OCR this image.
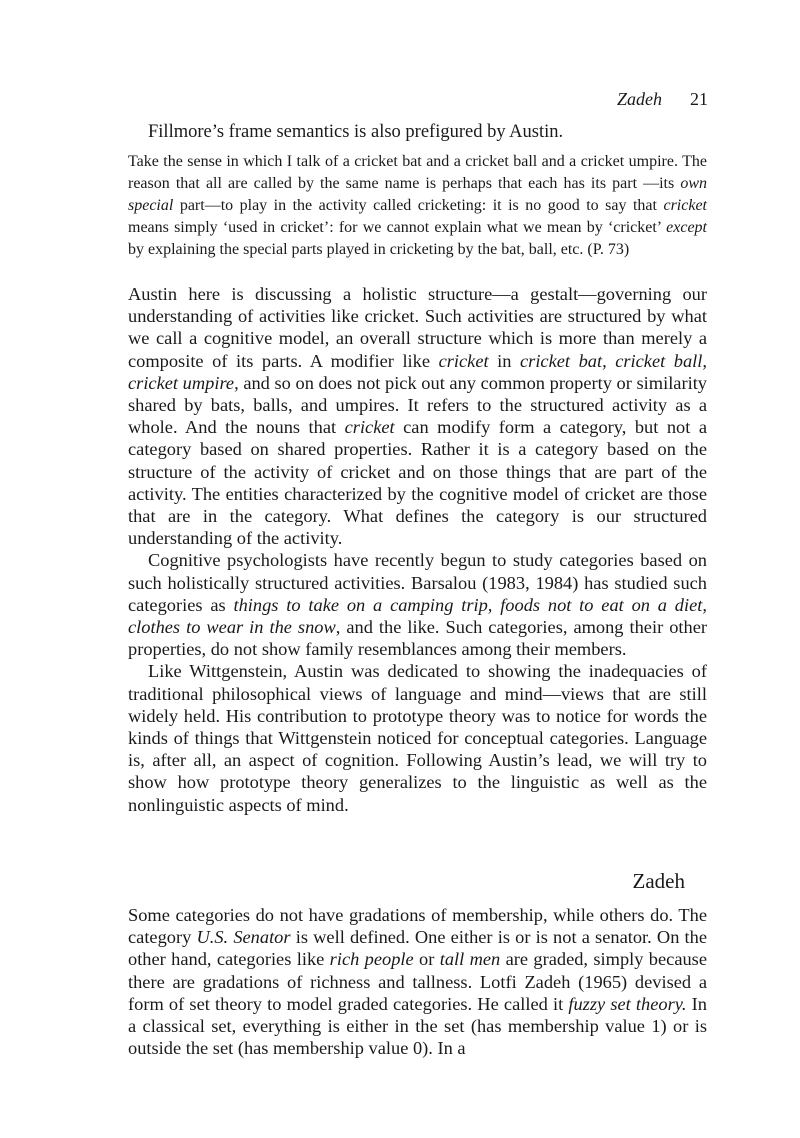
Zadeh 21
Fillmore’s frame semantics is also prefigured by Austin.
Take the sense in which I talk of a cricket bat and a cricket ball and a cricket umpire. The reason that all are called by the same name is perhaps that each has its part —its own special part—to play in the activity called cricketing: it is no good to say that cricket means simply ‘used in cricket’: for we cannot explain what we mean by ‘cricket’ except by explaining the special parts played in cricketing by the bat, ball, etc. (P. 73)

Austin here is discussing a holistic structure—a gestalt—governing our understanding of activities like cricket. Such activities are structured by what we call a cognitive model, an overall structure which is more than merely a composite of its parts. A modifier like cricket in cricket bat, cricket ball, cricket umpire, and so on does not pick out any common property or similarity shared by bats, balls, and umpires. It refers to the structured activity as a whole. And the nouns that cricket can modify form a category, but not a category based on shared properties. Rather it is a category based on the structure of the activity of cricket and on those things that are part of the activity. The entities characterized by the cognitive model of cricket are those that are in the category. What defines the category is our structured understanding of the activity.

Cognitive psychologists have recently begun to study categories based on such holistically structured activities. Barsalou (1983, 1984) has studied such categories as things to take on a camping trip, foods not to eat on a diet, clothes to wear in the snow, and the like. Such categories, among their other properties, do not show family resemblances among their members.

Like Wittgenstein, Austin was dedicated to showing the inadequacies of traditional philosophical views of language and mind—views that are still widely held. His contribution to prototype theory was to notice for words the kinds of things that Wittgenstein noticed for conceptual categories. Language is, after all, an aspect of cognition. Following Austin’s lead, we will try to show how prototype theory generalizes to the linguistic as well as the nonlinguistic aspects of mind.

Zadeh

Some categories do not have gradations of membership, while others do. The category U.S. Senator is well defined. One either is or is not a senator. On the other hand, categories like rich people or tall men are graded, simply because there are gradations of richness and tallness. Lotfi Zadeh (1965) devised a form of set theory to model graded categories. He called it fuzzy set theory. In a classical set, everything is either in the set (has membership value 1) or is outside the set (has membership value 0). In a
